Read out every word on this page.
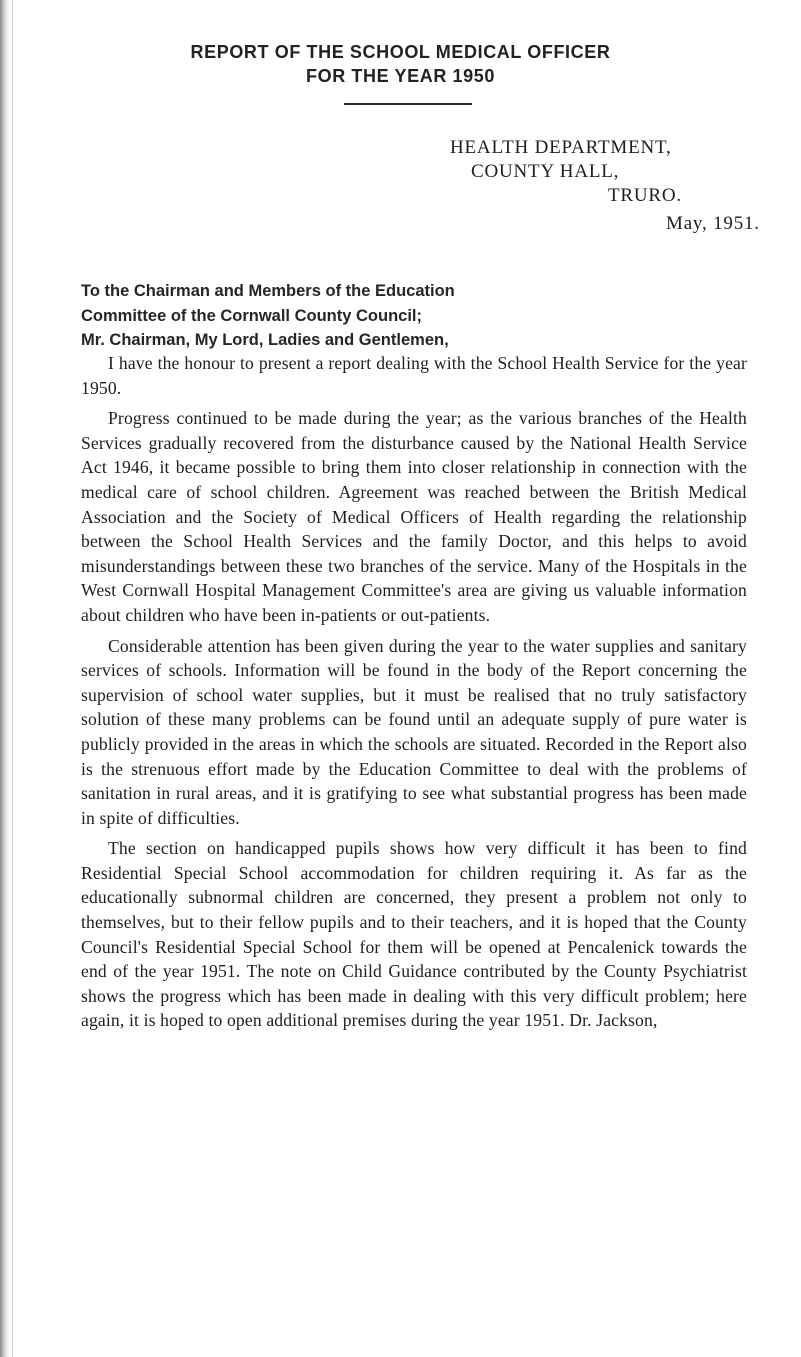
REPORT OF THE SCHOOL MEDICAL OFFICER
FOR THE YEAR 1950
HEALTH DEPARTMENT,
COUNTY HALL,
TRURO.
May, 1951.
To the Chairman and Members of the Education
Committee of the Cornwall County Council;
Mr. Chairman, My Lord, Ladies and Gentlemen,

I have the honour to present a report dealing with the School Health Service for the year 1950.

Progress continued to be made during the year; as the various branches of the Health Services gradually recovered from the disturbance caused by the National Health Service Act 1946, it became possible to bring them into closer relationship in connection with the medical care of school children. Agreement was reached between the British Medical Association and the Society of Medical Officers of Health regarding the relationship between the School Health Services and the family Doctor, and this helps to avoid misunderstandings between these two branches of the service. Many of the Hospitals in the West Cornwall Hospital Management Committee's area are giving us valuable information about children who have been in-patients or out-patients.

Considerable attention has been given during the year to the water supplies and sanitary services of schools. Information will be found in the body of the Report concerning the supervision of school water supplies, but it must be realised that no truly satisfactory solution of these many problems can be found until an adequate supply of pure water is publicly provided in the areas in which the schools are situated. Recorded in the Report also is the strenuous effort made by the Education Committee to deal with the problems of sanitation in rural areas, and it is gratifying to see what substantial progress has been made in spite of difficulties.

The section on handicapped pupils shows how very difficult it has been to find Residential Special School accommodation for children requiring it. As far as the educationally subnormal children are concerned, they present a problem not only to themselves, but to their fellow pupils and to their teachers, and it is hoped that the County Council's Residential Special School for them will be opened at Pencalenick towards the end of the year 1951. The note on Child Guidance contributed by the County Psychiatrist shows the progress which has been made in dealing with this very difficult problem; here again, it is hoped to open additional premises during the year 1951. Dr. Jackson,
